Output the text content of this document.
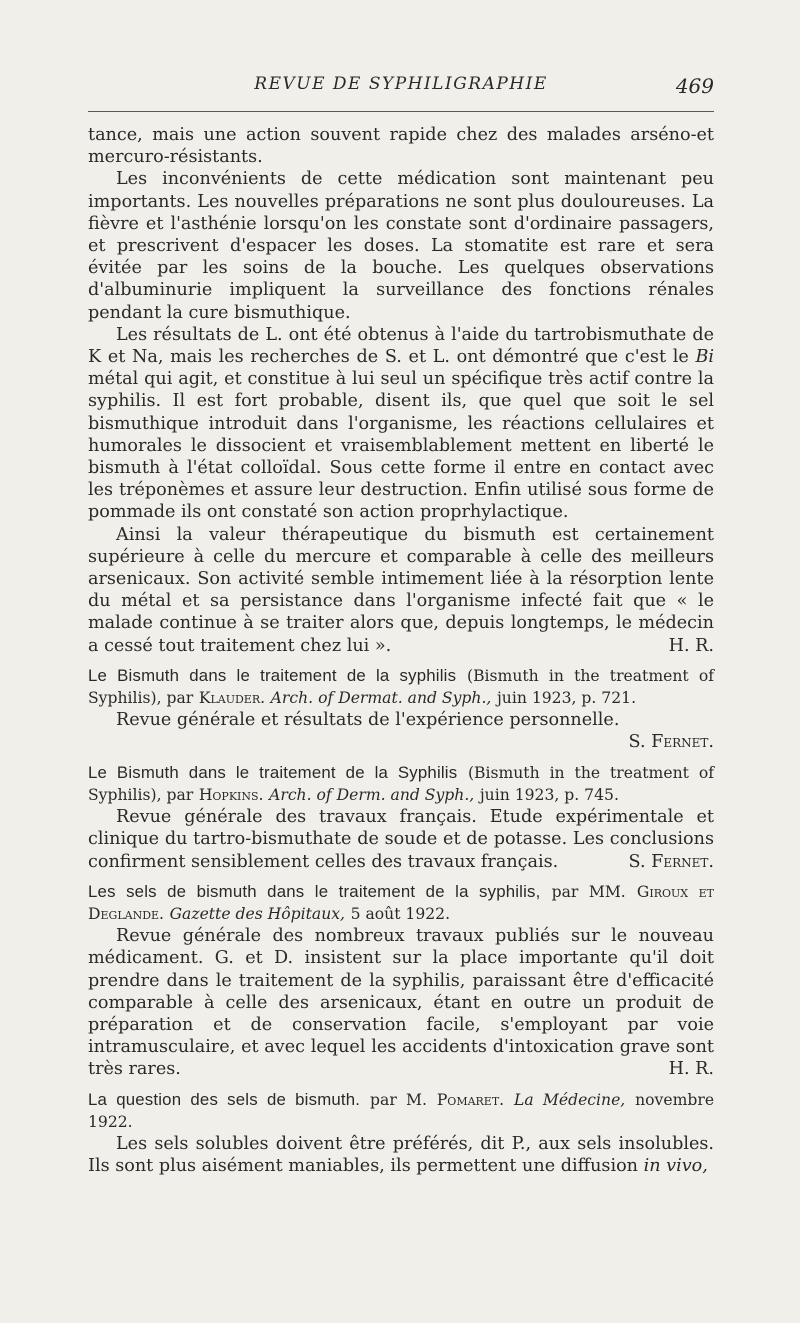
REVUE DE SYPHILIGRAPHIE	469

tance, mais une action souvent rapide chez des malades arséno-et mercuro-résistants.

Les inconvénients de cette médication sont maintenant peu importants. Les nouvelles préparations ne sont plus douloureuses. La fièvre et l'asthénie lorsqu'on les constate sont d'ordinaire passagers, et prescrivent d'espacer les doses. La stomatite est rare et sera évitée par les soins de la bouche. Les quelques observations d'albuminurie impliquent la surveillance des fonctions rénales pendant la cure bismuthique.

Les résultats de L. ont été obtenus à l'aide du tartrobismuthate de K et Na, mais les recherches de S. et L. ont démontré que c'est le Bi métal qui agit, et constitue à lui seul un spécifique très actif contre la syphilis. Il est fort probable, disent ils, que quel que soit le sel bismuthique introduit dans l'organisme, les réactions cellulaires et humorales le dissocient et vraisemblablement mettent en liberté le bismuth à l'état colloïdal. Sous cette forme il entre en contact avec les tréponèmes et assure leur destruction. Enfin utilisé sous forme de pommade ils ont constaté son action proprhylactique.

Ainsi la valeur thérapeutique du bismuth est certainement supérieure à celle du mercure et comparable à celle des meilleurs arsenicaux. Son activité semble intimement liée à la résorption lente du métal et sa persistance dans l'organisme infecté fait que « le malade continue à se traiter alors que, depuis longtemps, le médecin a cessé tout traitement chez lui ».	H. R.

Le Bismuth dans le traitement de la syphilis (Bismuth in the treatment of Syphilis), par Klauder. Arch. of Dermat. and Syph., juin 1923, p. 721.

Revue générale et résultats de l'expérience personnelle.
S. Fernet.

Le Bismuth dans le traitement de la Syphilis (Bismuth in the treatment of Syphilis), par Hopkins. Arch. of Derm. and Syph., juin 1923, p. 745.

Revue générale des travaux français. Etude expérimentale et clinique du tartro-bismuthate de soude et de potasse. Les conclusions confirment sensiblement celles des travaux français.	S. Fernet.

Les sels de bismuth dans le traitement de la syphilis, par MM. Giroux et Deglande. Gazette des Hôpitaux, 5 août 1922.

Revue générale des nombreux travaux publiés sur le nouveau médicament. G. et D. insistent sur la place importante qu'il doit prendre dans le traitement de la syphilis, paraissant être d'efficacité comparable à celle des arsenicaux, étant en outre un produit de préparation et de conservation facile, s'employant par voie intramusculaire, et avec lequel les accidents d'intoxication grave sont très rares.	H. R.

La question des sels de bismuth. par M. Pomaret. La Médecine, novembre 1922.

Les sels solubles doivent être préférés, dit P., aux sels insolubles. Ils sont plus aisément maniables, ils permettent une diffusion in vivo,
